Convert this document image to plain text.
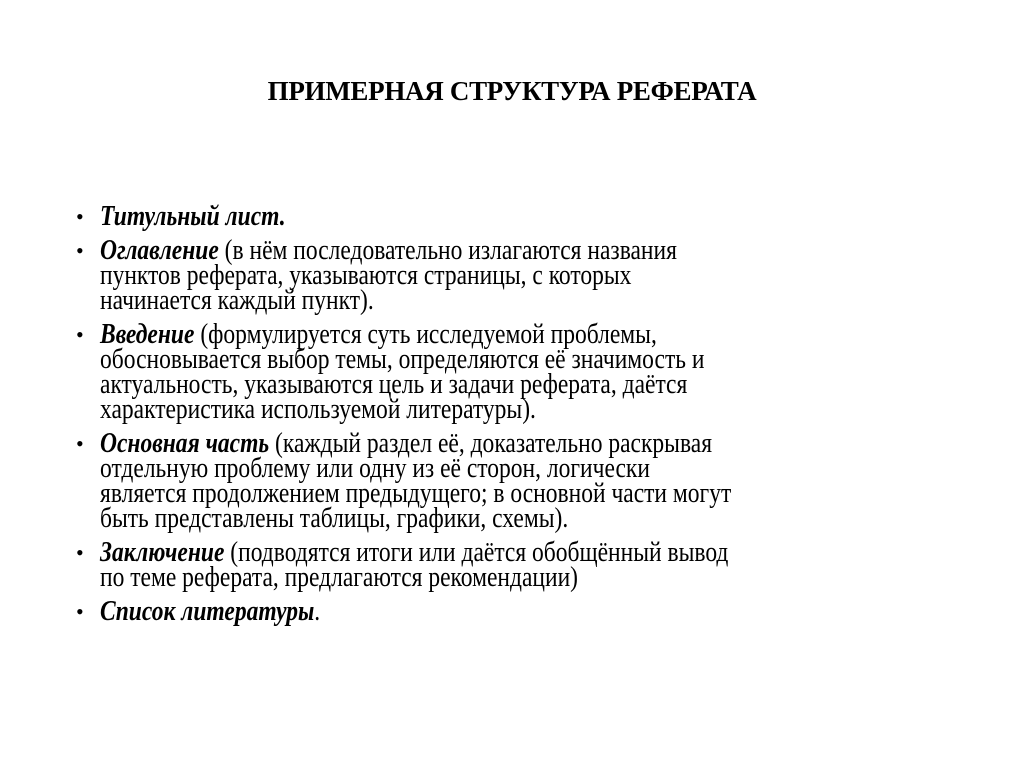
ПРИМЕРНАЯ СТРУКТУРА РЕФЕРАТА
• Титульный лист.
• Оглавление (в нём последовательно излагаются названия
пунктов реферата, указываются страницы, с которых
начинается каждый пункт).
• Введение (формулируется суть исследуемой проблемы,
обосновывается выбор темы, определяются её значимость и
актуальность, указываются цель и задачи реферата, даётся
характеристика используемой литературы).
• Основная часть (каждый раздел её, доказательно раскрывая
отдельную проблему или одну из её сторон, логически
является продолжением предыдущего; в основной части могут
быть представлены таблицы, графики, схемы).
• Заключение (подводятся итоги или даётся обобщённый вывод
по теме реферата, предлагаются рекомендации)
• Список литературы.
